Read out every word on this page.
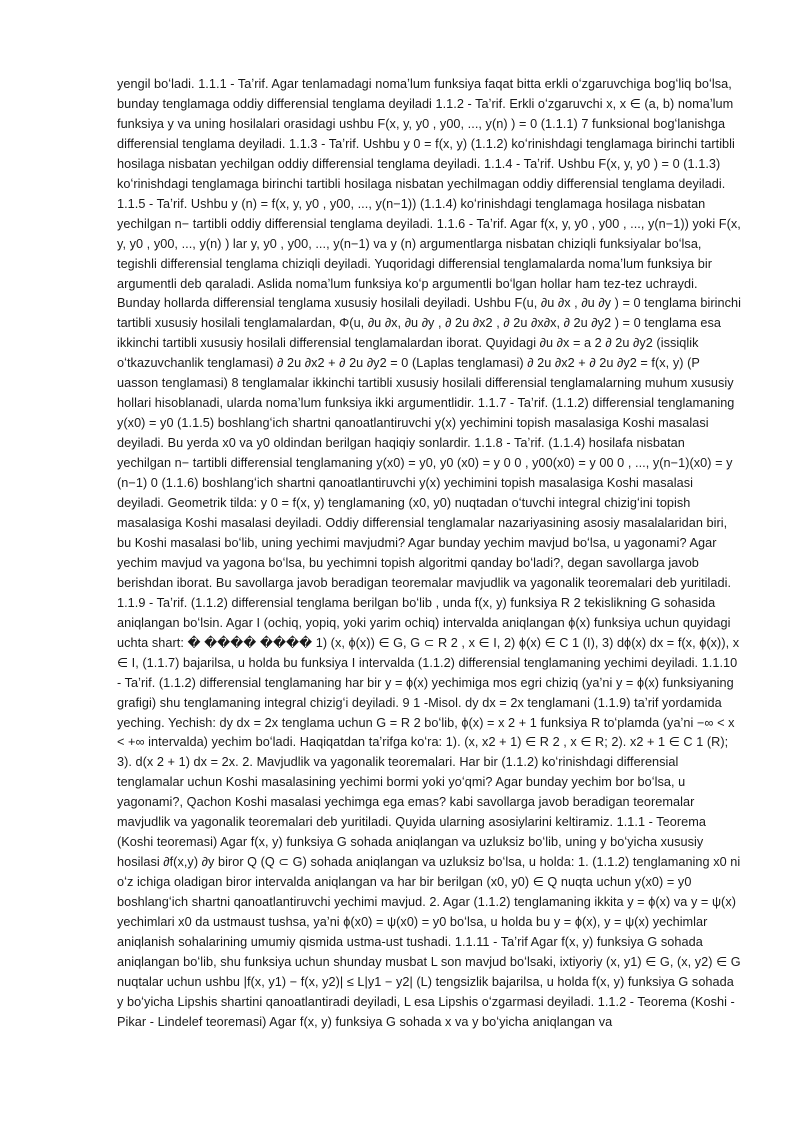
yengil boʻladi. 1.1.1 - Taʼrif. Agar tenlamadagi nomaʼlum funksiya faqat bitta erkli oʻzgaruvchiga bogʻliq boʻlsa, bunday tenglamaga oddiy differensial tenglama deyiladi 1.1.2 - Taʼrif. Erkli oʻzgaruvchi x, x ∈ (a, b) nomaʼlum funksiya y va uning hosilalari orasidagi ushbu F(x, y, y0 , y00, ..., y(n) ) = 0 (1.1.1) 7 funksional bogʻlanishga differensial tenglama deyiladi. 1.1.3 - Taʼrif. Ushbu y 0 = f(x, y) (1.1.2) koʻrinishdagi tenglamaga birinchi tartibli hosilaga nisbatan yechilgan oddiy differensial tenglama deyiladi. 1.1.4 - Taʼrif. Ushbu F(x, y, y0 ) = 0 (1.1.3) koʻrinishdagi tenglamaga birinchi tartibli hosilaga nisbatan yechilmagan oddiy differensial tenglama deyiladi. 1.1.5 - Taʼrif. Ushbu y (n) = f(x, y, y0 , y00, ..., y(n−1)) (1.1.4) koʻrinishdagi tenglamaga hosilaga nisbatan yechilgan n− tartibli oddiy differensial tenglama deyiladi. 1.1.6 - Taʼrif. Agar f(x, y, y0 , y00 , ..., y(n−1)) yoki F(x, y, y0 , y00, ..., y(n) ) lar y, y0 , y00, ..., y(n−1) va y (n) argumentlarga nisbatan chiziqli funksiyalar boʻlsa, tegishli differensial tenglama chiziqli deyiladi. Yuqoridagi differensial tenglamalarda nomaʼlum funksiya bir argumentli deb qaraladi. Aslida nomaʼlum funksiya koʻp argumentli boʻlgan hollar ham tez-tez uchraydi. Bunday hollarda differensial tenglama xususiy hosilali deyiladi. Ushbu F(u, ∂u ∂x , ∂u ∂y ) = 0 tenglama birinchi tartibli xususiy hosilali tenglamalardan, Φ(u, ∂u ∂x, ∂u ∂y , ∂ 2u ∂x2 , ∂ 2u ∂x∂x, ∂ 2u ∂y2 ) = 0 tenglama esa ikkinchi tartibli xususiy hosilali differensial tenglamalardan iborat. Quyidagi ∂u ∂x = a 2 ∂ 2u ∂y2 (issiqlik oʻtkazuvchanlik tenglamasi) ∂ 2u ∂x2 + ∂ 2u ∂y2 = 0 (Laplas tenglamasi) ∂ 2u ∂x2 + ∂ 2u ∂y2 = f(x, y) (P uasson tenglamasi) 8 tenglamalar ikkinchi tartibli xususiy hosilali differensial tenglamalarning muhum xususiy hollari hisoblanadi, ularda nomaʼlum funksiya ikki argumentlidir. 1.1.7 - Taʼrif. (1.1.2) differensial tenglamaning y(x0) = y0 (1.1.5) boshlangʻich shartni qanoatlantiruvchi y(x) yechimini topish masalasiga Koshi masalasi deyiladi. Bu yerda x0 va y0 oldindan berilgan haqiqiy sonlardir. 1.1.8 - Taʼrif. (1.1.4) hosilafa nisbatan yechilgan n− tartibli differensial tenglamaning y(x0) = y0, y0 (x0) = y 0 0 , y00(x0) = y 00 0 , ..., y(n−1)(x0) = y (n−1) 0 (1.1.6) boshlangʻich shartni qanoatlantiruvchi y(x) yechimini topish masalasiga Koshi masalasi deyiladi. Geometrik tilda: y 0 = f(x, y) tenglamaning (x0, y0) nuqtadan oʻtuvchi integral chizigʻini topish masalasiga Koshi masalasi deyiladi. Oddiy differensial tenglamalar nazariyasining asosiy masalalaridan biri, bu Koshi masalasi boʻlib, uning yechimi mavjudmi? Agar bunday yechim mavjud boʻlsa, u yagonami? Agar yechim mavjud va yagona boʻlsa, bu yechimni topish algoritmi qanday boʻladi?, degan savollarga javob berishdan iborat. Bu savollarga javob beradigan teoremalar mavjudlik va yagonalik teoremalari deb yuritiladi. 1.1.9 - Taʼrif. (1.1.2) differensial tenglama berilgan boʻlib , unda f(x, y) funksiya R 2 tekislikning G sohasida aniqlangan boʻlsin. Agar I (ochiq, yopiq, yoki yarim ochiq) intervalda aniqlangan ϕ(x) funksiya uchun quyidagi uchta shart: � ���� ���� 1) (x, ϕ(x)) ∈ G, G ⊂ R 2 , x ∈ I, 2) ϕ(x) ∈ C 1 (I), 3) dϕ(x) dx = f(x, ϕ(x)), x ∈ I, (1.1.7) bajarilsa, u holda bu funksiya I intervalda (1.1.2) differensial tenglamaning yechimi deyiladi. 1.1.10 - Taʼrif. (1.1.2) differensial tenglamaning har bir y = ϕ(x) yechimiga mos egri chiziq (yaʼni y = ϕ(x) funksiyaning grafigi) shu tenglamaning integral chizigʻi deyiladi. 9 1 -Misol. dy dx = 2x tenglamani (1.1.9) taʼrif yordamida yeching. Yechish: dy dx = 2x tenglama uchun G = R 2 boʻlib, ϕ(x) = x 2 + 1 funksiya R toʻplamda (yaʼni −∞ < x < +∞ intervalda) yechim boʻladi. Haqiqatdan taʼrifga koʻra: 1). (x, x2 + 1) ∈ R 2 , x ∈ R; 2). x2 + 1 ∈ C 1 (R); 3). d(x 2 + 1) dx = 2x. 2. Mavjudlik va yagonalik teoremalari. Har bir (1.1.2) koʻrinishdagi differensial tenglamalar uchun Koshi masalasining yechimi bormi yoki yoʻqmi? Agar bunday yechim bor boʻlsa, u yagonami?, Qachon Koshi masalasi yechimga ega emas? kabi savollarga javob beradigan teoremalar mavjudlik va yagonalik teoremalari deb yuritiladi. Quyida ularning asosiylarini keltiramiz. 1.1.1 - Teorema (Koshi teoremasi) Agar f(x, y) funksiya G sohada aniqlangan va uzluksiz boʻlib, uning y boʻyicha xususiy hosilasi ∂f(x,y) ∂y biror Q (Q ⊂ G) sohada aniqlangan va uzluksiz boʻlsa, u holda: 1. (1.1.2) tenglamaning x0 ni oʻz ichiga oladigan biror intervalda aniqlangan va har bir berilgan (x0, y0) ∈ Q nuqta uchun y(x0) = y0 boshlangʻich shartni qanoatlantiruvchi yechimi mavjud. 2. Agar (1.1.2) tenglamaning ikkita y = ϕ(x) va y = ψ(x) yechimlari x0 da ustmaust tushsa, yaʼni ϕ(x0) = ψ(x0) = y0 boʻlsa, u holda bu y = ϕ(x), y = ψ(x) yechimlar aniqlanish sohalarining umumiy qismida ustma-ust tushadi. 1.1.11 - Taʼrif Agar f(x, y) funksiya G sohada aniqlangan boʻlib, shu funksiya uchun shunday musbat L son mavjud boʻlsaki, ixtiyoriy (x, y1) ∈ G, (x, y2) ∈ G nuqtalar uchun ushbu |f(x, y1) − f(x, y2)| ≤ L|y1 − y2| (L) tengsizlik bajarilsa, u holda f(x, y) funksiya G sohada y boʻyicha Lipshis shartini qanoatlantiradi deyiladi, L esa Lipshis oʻzgarmasi deyiladi. 1.1.2 - Teorema (Koshi - Pikar - Lindelef teoremasi) Agar f(x, y) funksiya G sohada x va y boʻyicha aniqlangan va
